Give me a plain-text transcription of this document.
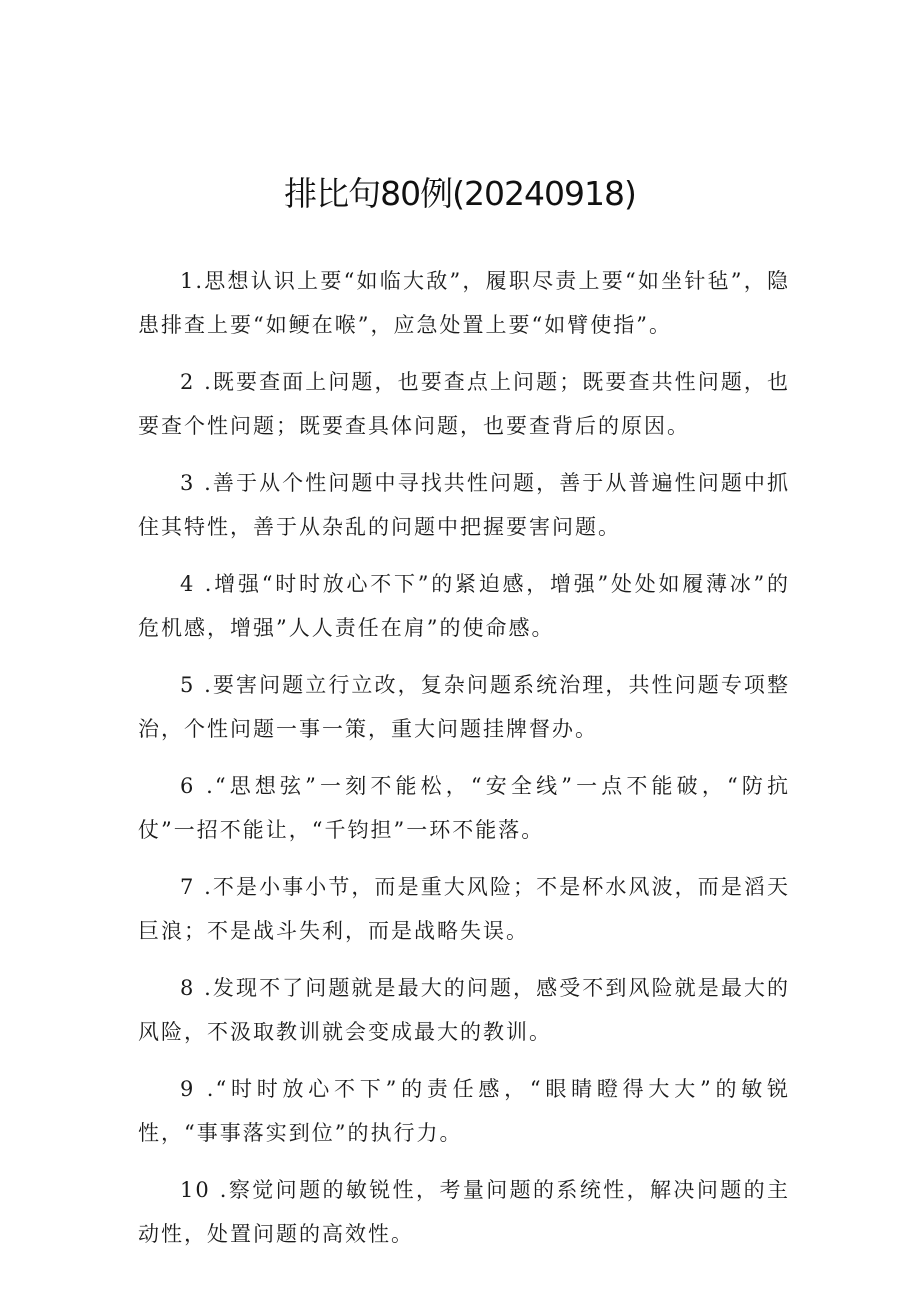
排比句80例(20240918)

1.思想认识上要“如临大敌”，履职尽责上要“如坐针毡”，隐患排查上要“如鲠在喉”，应急处置上要“如臂使指”。

2 .既要查面上问题，也要查点上问题；既要查共性问题，也要查个性问题；既要查具体问题，也要查背后的原因。

3 .善于从个性问题中寻找共性问题，善于从普遍性问题中抓住其特性，善于从杂乱的问题中把握要害问题。

4 .增强“时时放心不下”的紧迫感，增强”处处如履薄冰”的危机感，增强”人人责任在肩”的使命感。

5 .要害问题立行立改，复杂问题系统治理，共性问题专项整治，个性问题一事一策，重大问题挂牌督办。

6 .“思想弦”一刻不能松，“安全线”一点不能破，“防抗仗”一招不能让，“千钧担”一环不能落。

7 .不是小事小节，而是重大风险；不是杯水风波，而是滔天巨浪；不是战斗失利，而是战略失误。

8 .发现不了问题就是最大的问题，感受不到风险就是最大的风险，不汲取教训就会变成最大的教训。

9 .“时时放心不下”的责任感，“眼睛瞪得大大”的敏锐性，“事事落实到位”的执行力。

10 .察觉问题的敏锐性，考量问题的系统性，解决问题的主动性，处置问题的高效性。
